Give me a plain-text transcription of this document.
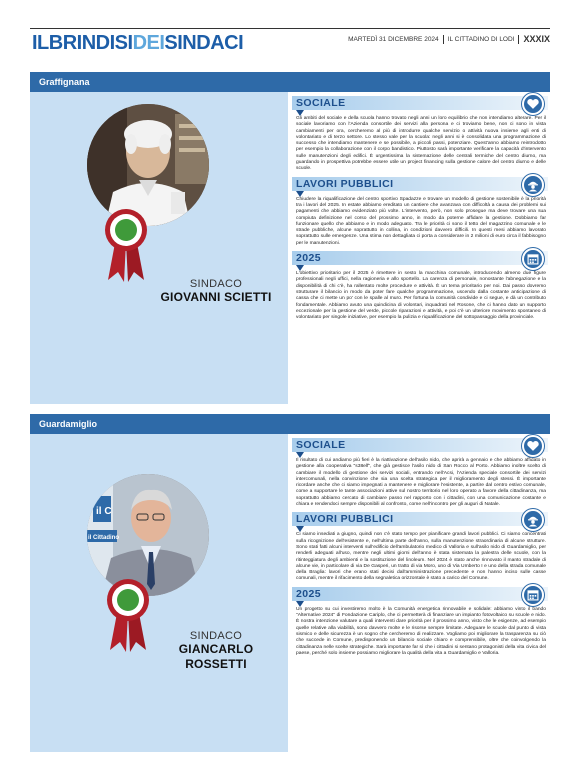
ILBRINDISIDEISINDACI	MARTEDÌ 31 DICEMBRE 2024 IL CITTADINO DI LODI XXXIX
Graffignana
SINDACO
GIOVANNI SCIETTI
SOCIALE
Gli ambiti del sociale e della scuola hanno trovato negli anni un loro equilibrio che non intendiamo alterare. Per il sociale lavoriamo con l'Azienda consortile dei servizi alla persona e ci troviamo bene, non ci sono in vista cambiamenti per ora, cercheremo al più di introdurre qualche servizio o attività nuova insieme agli enti di volontariato e di terzo settore. Lo stesso vale per la scuola: negli anni si è consolidata una programmazione di successo che intendiamo mantenere e se possibile, a piccoli passi, potenziare. Quest'anno abbiamo reintrodotto per esempio la collaborazione con il corpo bandistico. Piuttosto sarà importante verificare la capacità d'intervento sulle manutenzioni degli edifici. È urgentissima la sistemazione delle centrali termiche del centro diurno, ma guardando in prospettiva potrebbe essere utile un project financing sulla gestione calore del centro diurno e delle scuole.
LAVORI PUBBLICI
Chiudere la riqualificazione del centro sportivo Spadazze e trovare un modello di gestione sostenibile è la priorità tra i lavori del 2025. In estate abbiamo ereditato un cantiere che avanzava con difficoltà a causa dei problemi sui pagamenti che abbiamo evidenziato più volte. L'intervento, però, non solo prosegue ma deve trovare una sua compiuta definizione nel corso del prossimo anno, in modo da poterne affidare la gestione. Dobbiamo far funzionare quello che abbiamo e in modo adeguato. Tra le priorità ci sono il tetto del magazzino comunale e le strade pubbliche, alcune soprattutto in collina, in condizioni davvero difficili. In questi mesi abbiamo lavorato soprattutto sulle emergenze. Una stima non dettagliata ci porta a considerare in 2 milioni di euro circa il fabbisogno per le manutenzioni.
2025
L'obiettivo prioritario per il 2025 è rimettere in sesto la macchina comunale, introducendo almeno due figure professionali negli uffici, nella ragioneria e allo sportello. La carenza di personale, nonostante l'abnegazione e la disponibilità di chi c'è, ha rallentato molte procedure e attività. È un tema prioritario per noi. Dai passo dovremo strutturare il bilancio in modo da poter fare qualche programmazione, uscendo dalla costante anticipazione di cassa che ci mette un po' con le spalle al muro. Per fortuna la comunità condivide e ci segue, e dà un contributo fondamentale. Abbiamo avuto una quindicina di volontari, inquadrati nel Rosone, che ci hanno dato un supporto eccezionale per la gestione del verde, piccole riparazioni e attività, e poi c'è un ulteriore movimento spontaneo di volontariato per singole iniziative, per esempio la pulizia e riqualificazione del sottopassaggio della provinciale.
Guardamiglio
il C
il Cittadino
SINDACO
GIANCARLO
ROSSETTI
SOCIALE
Il risultato di cui andiamo più fieri è la riattivazione dell'asilo nido, che aprirà a gennaio e che abbiamo affidato in gestione alla cooperativa "s38elf", che già gestisce l'asilo nido di San Rocco al Porto. Abbiamo inoltre scelto di cambiare il modello di gestione dei servizi sociali, entrando nell'Acsi, l'Azienda speciale consortile dei servizi intercomunali, nella convinzione che sia una scelta strategica per il miglioramento degli stessi. È importante ricordare anche che ci siamo impegnati a mantenere e migliorare l'esistente, a partire dal centro estivo comunale, come a supportare le tante associazioni attive sul nostro territorio nel loro operato a favore della cittadinanza, ma soprattutto abbiamo cercato di cambiare passo nel rapporto con i cittadini, con una comunicazione costante e chiara e rendendoci sempre disponibili al confronto, come nell'incontro per gli auguri di Natale.
LAVORI PUBBLICI
Ci siamo insediati a giugno, quindi non c'è stato tempo per pianificare grandi lavori pubblici. Ci siamo concentrati sulla ricognizione dell'esistente e, nell'ultima parte dell'anno, sulla manutenzione straordinaria di alcune strutture. Sono stati fatti alcuni interventi sull'edificio dell'ambulatorio medico di Valloria e sull'asilo nido di Guardamiglio, per renderli adeguati all'uso, mentre negli ultimi giorni dell'anno è stata sistemata la palestra delle scuole, con la ritinteggiatura degli ambienti e la sostituzione del linoleum. Nel 2024 è stato anche rinnovato il manto stradale di alcune vie, in particolare di via De Gasperi, un tratto di via Moro, uno di Via Umberto I e uno della strada comunale della Braglia: lavori che erano stati decisi dall'amministrazione precedente e non hanno inciso sulle casse comunali, mentre il rifacimento della segnaletica orizzontale è stato a carico del Comune.
2025
Un progetto su cui investiremo molto è la Comunità energetica rinnovabile e solidale: abbiamo vinto il bando "Alternative 2024" di Fondazione Cariplo, che ci permetterà di finanziare un impianto fotovoltaico su scuole e nido. È nostra intenzione valutare a quali interventi dare priorità per il prossimo anno, visto che le esigenze, ad esempio quelle relative alla viabilità, sono davvero molte e le risorse sempre limitate. Adeguare le scuole dal punto di vista sismico e delle sicurezza è un sogno che cercheremo di realizzare. Vogliamo poi migliorare la trasparenza su ciò che succede in Comune, predisponendo un bilancio sociale chiaro e comprensibile, oltre che coinvolgendo la cittadinanza nelle scelte strategiche. Sarà importante far sì che i cittadini si sentano protagonisti della vita civica del paese, perché solo insieme possiamo migliorare la qualità della vita a Guardamiglio e Valloria.
